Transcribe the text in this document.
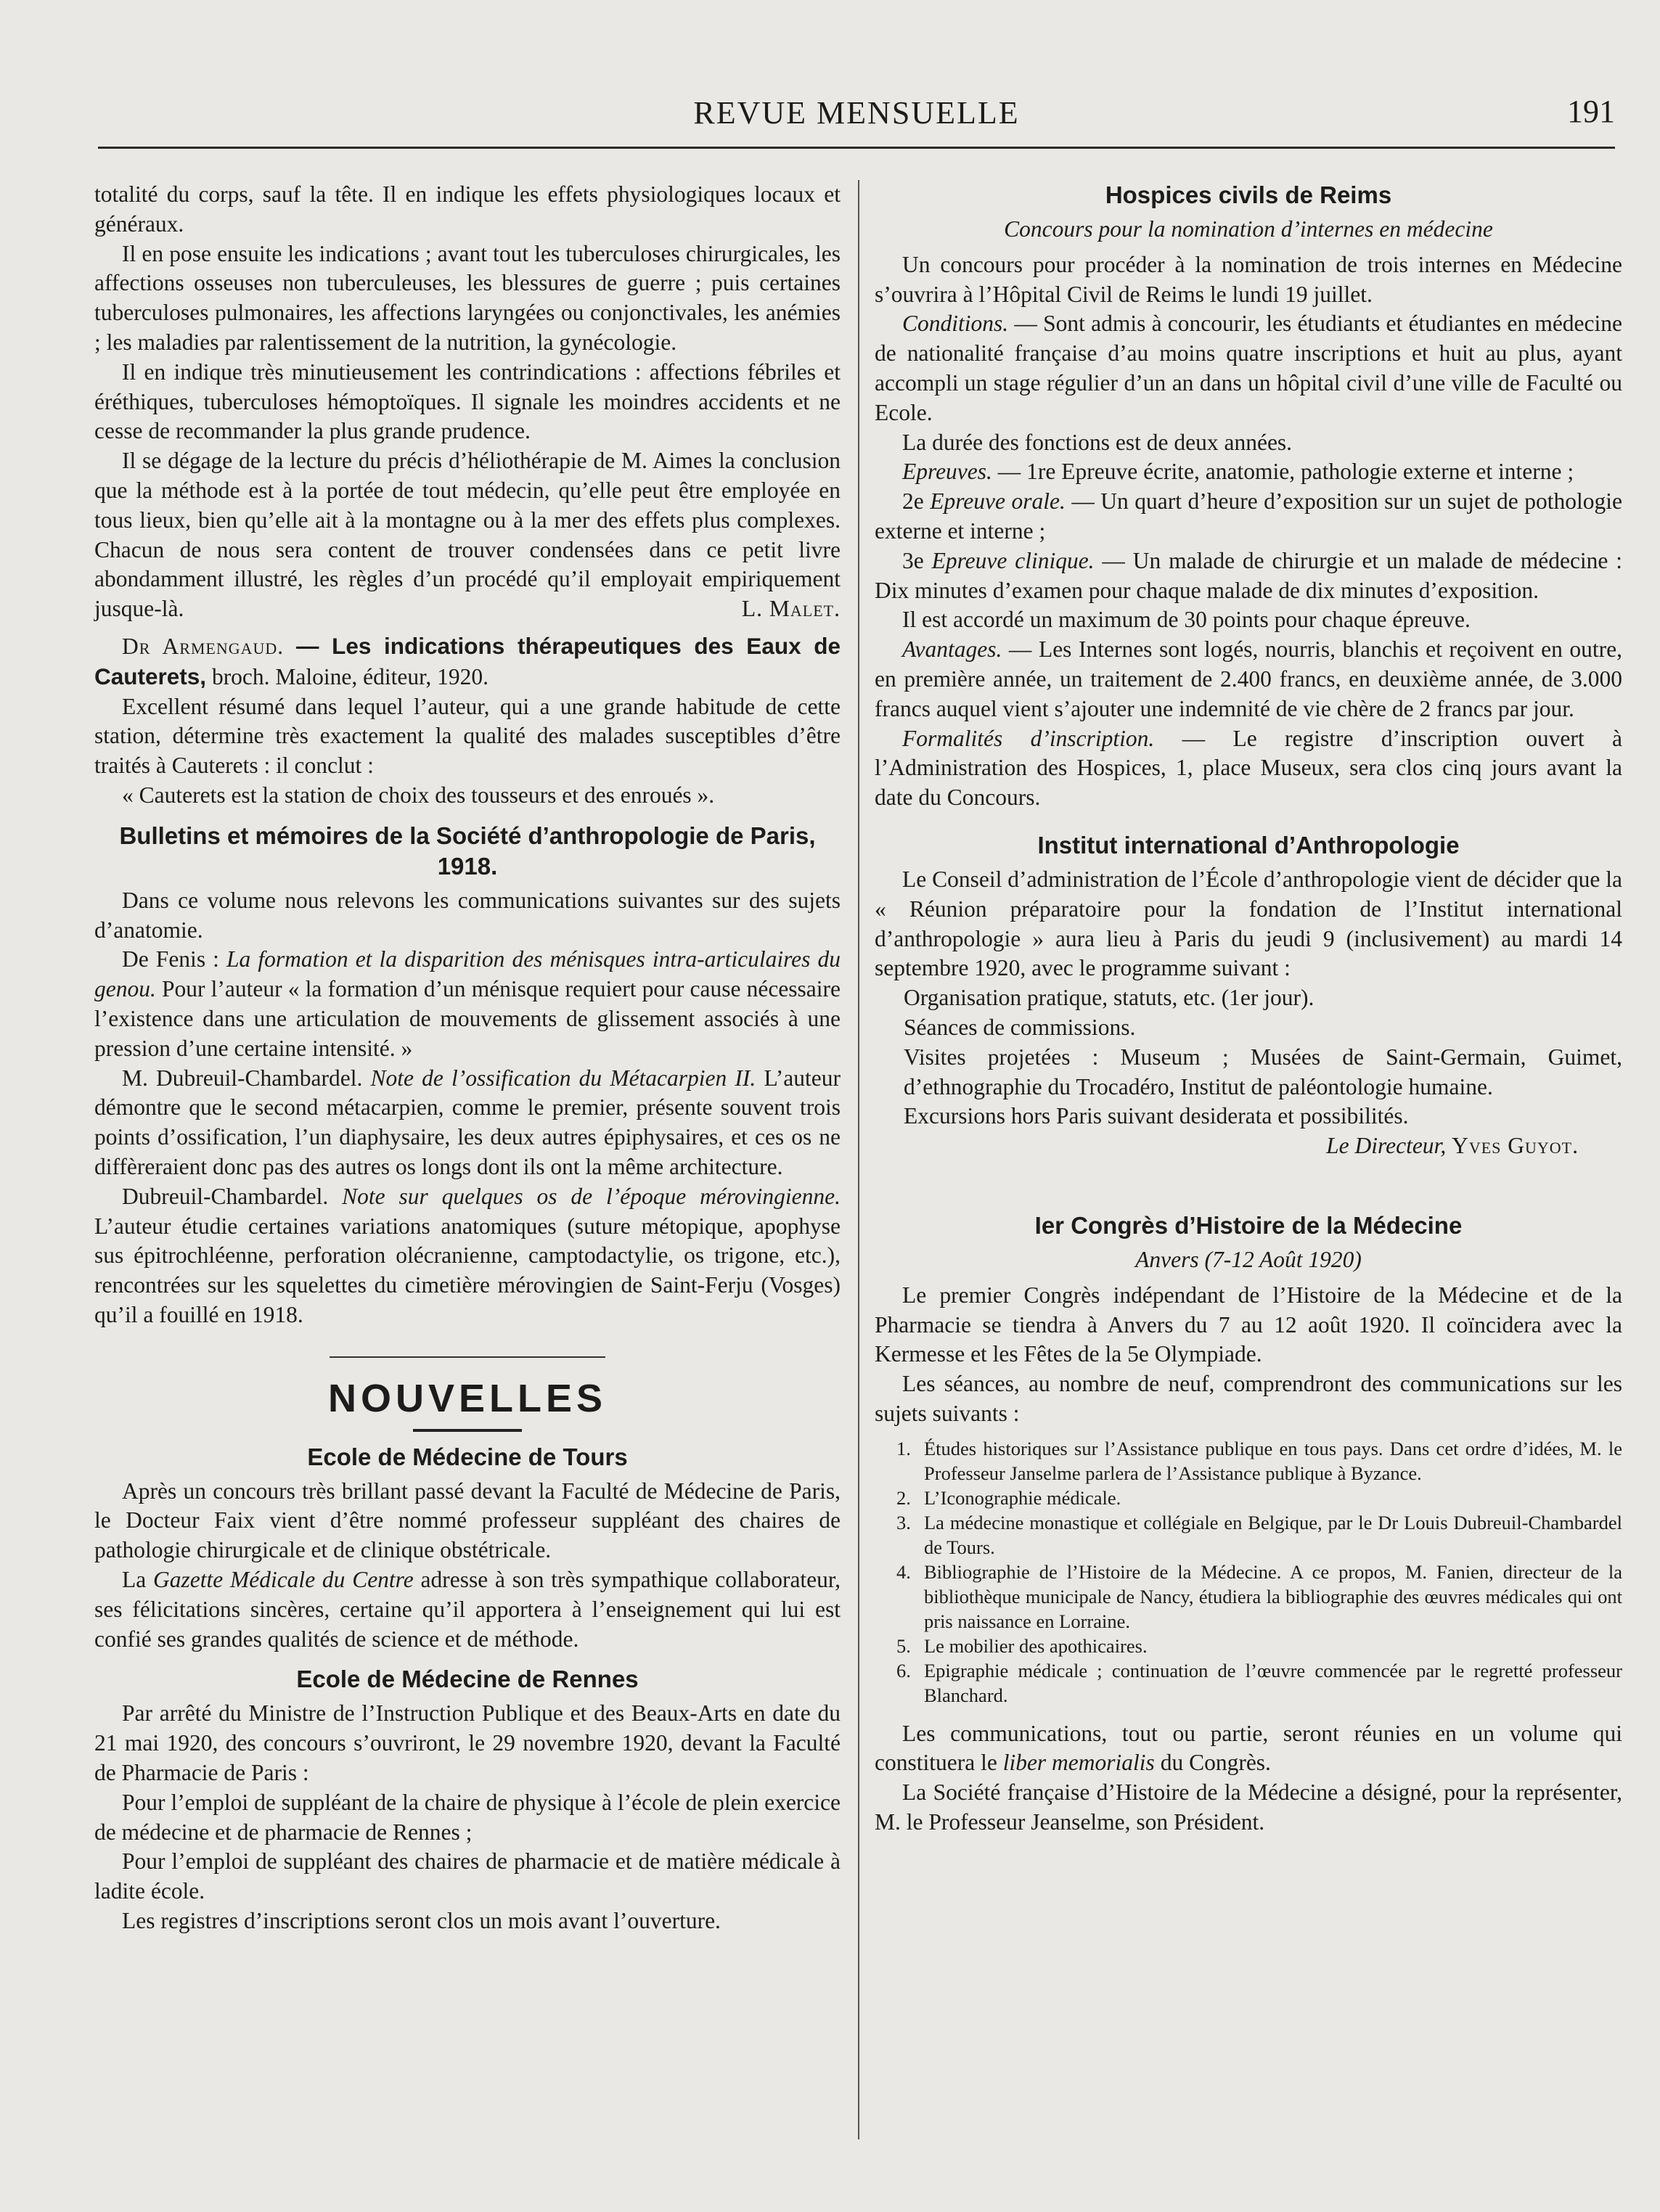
REVUE MENSUELLE	191

totalité du corps, sauf la tête. Il en indique les effets physiologiques locaux et généraux.

Il en pose ensuite les indications ; avant tout les tuberculoses chirurgicales, les affections osseuses non tuberculeuses, les blessures de guerre ; puis certaines tuberculoses pulmonaires, les affections laryngées ou conjonctivales, les anémies ; les maladies par ralentissement de la nutrition, la gynécologie.

Il en indique très minutieusement les contrindications : affections fébriles et éréthiques, tuberculoses hémoptoïques. Il signale les moindres accidents et ne cesse de recommander la plus grande prudence.

Il se dégage de la lecture du précis d’héliothérapie de M. Aimes la conclusion que la méthode est à la portée de tout médecin, qu’elle peut être employée en tous lieux, bien qu’elle ait à la montagne ou à la mer des effets plus complexes. Chacun de nous sera content de trouver condensées dans ce petit livre abondamment illustré, les règles d’un procédé qu’il employait empiriquement jusque-là.	L. Malet.

Dr Armengaud. — Les indications thérapeutiques des Eaux de Cauterets, broch. Maloine, éditeur, 1920.

Excellent résumé dans lequel l’auteur, qui a une grande habitude de cette station, détermine très exactement la qualité des malades susceptibles d’être traités à Cauterets : il conclut :

« Cauterets est la station de choix des tousseurs et des enroués ».

Bulletins et mémoires de la Société d’anthropologie de Paris, 1918.

Dans ce volume nous relevons les communications suivantes sur des sujets d’anatomie.

De Fenis : La formation et la disparition des ménisques intra-articulaires du genou. Pour l’auteur « la formation d’un ménisque requiert pour cause nécessaire l’existence dans une articulation de mouvements de glissement associés à une pression d’une certaine intensité. »

M. Dubreuil-Chambardel. Note de l’ossification du Métacarpien II. L’auteur démontre que le second métacarpien, comme le premier, présente souvent trois points d’ossification, l’un diaphysaire, les deux autres épiphysaires, et ces os ne diffèreraient donc pas des autres os longs dont ils ont la même architecture.

Dubreuil-Chambardel. Note sur quelques os de l’époque mérovingienne. L’auteur étudie certaines variations anatomiques (suture métopique, apophyse sus épitrochléenne, perforation olécranienne, camptodactylie, os trigone, etc.), rencontrées sur les squelettes du cimetière mérovingien de Saint-Ferju (Vosges) qu’il a fouillé en 1918.

NOUVELLES
Ecole de Médecine de Tours

Après un concours très brillant passé devant la Faculté de Médecine de Paris, le Docteur Faix vient d’être nommé professeur suppléant des chaires de pathologie chirurgicale et de clinique obstétricale.

La Gazette Médicale du Centre adresse à son très sympathique collaborateur, ses félicitations sincères, certaine qu’il apportera à l’enseignement qui lui est confié ses grandes qualités de science et de méthode.

Ecole de Médecine de Rennes

Par arrêté du Ministre de l’Instruction Publique et des Beaux-Arts en date du 21 mai 1920, des concours s’ouvriront, le 29 novembre 1920, devant la Faculté de Pharmacie de Paris :

Pour l’emploi de suppléant de la chaire de physique à l’école de plein exercice de médecine et de pharmacie de Rennes ;

Pour l’emploi de suppléant des chaires de pharmacie et de matière médicale à ladite école.

Les registres d’inscriptions seront clos un mois avant l’ouverture.

Hospices civils de Reims
Concours pour la nomination d’internes en médecine

Un concours pour procéder à la nomination de trois internes en Médecine s’ouvrira à l’Hôpital Civil de Reims le lundi 19 juillet.

Conditions. — Sont admis à concourir, les étudiants et étudiantes en médecine de nationalité française d’au moins quatre inscriptions et huit au plus, ayant accompli un stage régulier d’un an dans un hôpital civil d’une ville de Faculté ou Ecole.

La durée des fonctions est de deux années.

Epreuves. — 1re Epreuve écrite, anatomie, pathologie externe et interne ;

2e Epreuve orale. — Un quart d’heure d’exposition sur un sujet de pothologie externe et interne ;

3e Epreuve clinique. — Un malade de chirurgie et un malade de médecine : Dix minutes d’examen pour chaque malade de dix minutes d’exposition.

Il est accordé un maximum de 30 points pour chaque épreuve.

Avantages. — Les Internes sont logés, nourris, blanchis et reçoivent en outre, en première année, un traitement de 2.400 francs, en deuxième année, de 3.000 francs auquel vient s’ajouter une indemnité de vie chère de 2 francs par jour.

Formalités d’inscription. — Le registre d’inscription ouvert à l’Administration des Hospices, 1, place Museux, sera clos cinq jours avant la date du Concours.

Institut international d’Anthropologie

Le Conseil d’administration de l’École d’anthropologie vient de décider que la « Réunion préparatoire pour la fondation de l’Institut international d’anthropologie » aura lieu à Paris du jeudi 9 (inclusivement) au mardi 14 septembre 1920, avec le programme suivant :

Organisation pratique, statuts, etc. (1er jour).

Séances de commissions.

Visites projetées : Museum ; Musées de Saint-Germain, Guimet, d’ethnographie du Trocadéro, Institut de paléontologie humaine.

Excursions hors Paris suivant desiderata et possibilités.

Le Directeur, Yves Guyot.
Ier Congrès d’Histoire de la Médecine
Anvers (7-12 Août 1920)

Le premier Congrès indépendant de l’Histoire de la Médecine et de la Pharmacie se tiendra à Anvers du 7 au 12 août 1920. Il coïncidera avec la Kermesse et les Fêtes de la 5e Olympiade.

Les séances, au nombre de neuf, comprendront des communications sur les sujets suivants :

1. Études historiques sur l’Assistance publique en tous pays. Dans cet ordre d’idées, M. le Professeur Janselme parlera de l’Assistance publique à Byzance.
2. L’Iconographie médicale.
3. La médecine monastique et collégiale en Belgique, par le Dr Louis Dubreuil-Chambardel de Tours.
4. Bibliographie de l’Histoire de la Médecine. A ce propos, M. Fanien, directeur de la bibliothèque municipale de Nancy, étudiera la bibliographie des œuvres médicales qui ont pris naissance en Lorraine.
5. Le mobilier des apothicaires.
6. Epigraphie médicale ; continuation de l’œuvre commencée par le regretté professeur Blanchard.

Les communications, tout ou partie, seront réunies en un volume qui constituera le liber memorialis du Congrès.

La Société française d’Histoire de la Médecine a désigné, pour la représenter, M. le Professeur Jeanselme, son Président.
